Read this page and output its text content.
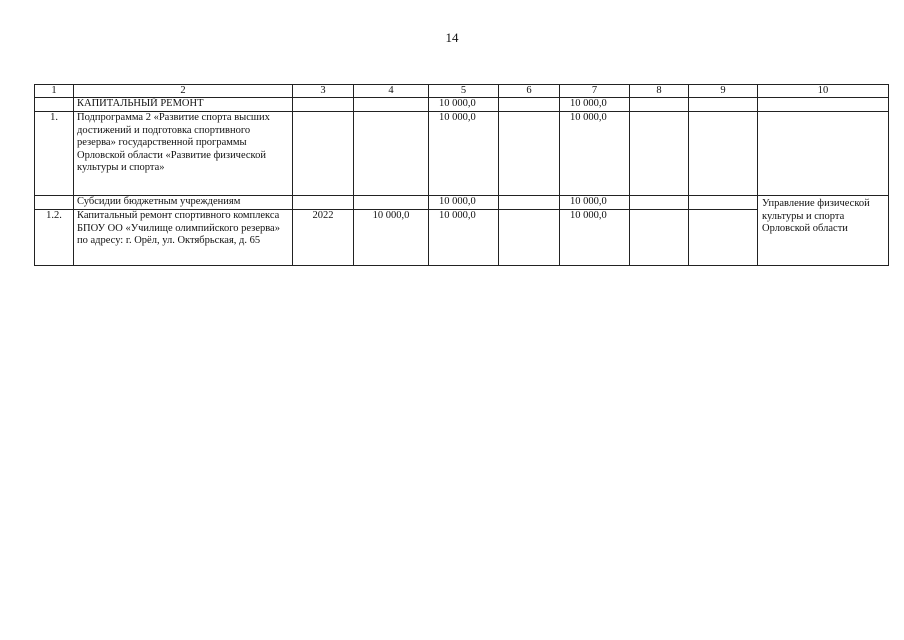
14
1	2	3	4	5	6	7	8	9	10
	КАПИТАЛЬНЫЙ РЕМОНТ			10 000,0		10 000,0			
1.	Подпрограмма 2 «Развитие спорта высших достижений и подготовка спортивного резерва» государственной программы Орловской области «Развитие физической культуры и спорта»			10 000,0		10 000,0			
	Субсидии бюджетным учреждениям			10 000,0		10 000,0			Управление физической культуры и спорта Орловской области
1.2.	Капитальный ремонт спортивного комплекса БПОУ ОО «Училище олимпийского резерва» по адресу: г. Орёл, ул. Октябрьская, д. 65	2022	10 000,0	10 000,0		10 000,0			
